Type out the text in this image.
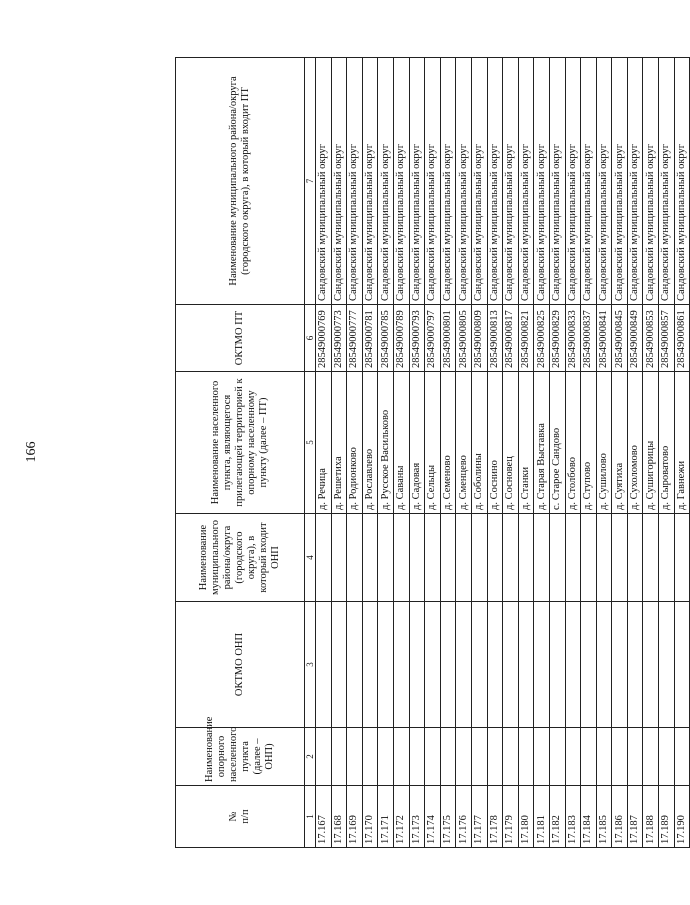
166
№
п/п	Наименование опорного населенного пункта (далее – ОНП)	ОКТМО ОНП	Наименование муниципального района/округа (городского округа), в который входит ОНП	Наименование населенного пункта, являющегося прилегающей территорией к опорному населенному пункту (далее – ПТ)	ОКТМО ПТ	Наименование муниципального района/округа (городского округа), в который входит ПТ
1	2	3	4	5	6	7
17.167				д. Речица	28549000769	Сандовский муниципальный округ
17.168				д. Решетиха	28549000773	Сандовский муниципальный округ
17.169				д. Родионково	28549000777	Сандовский муниципальный округ
17.170				д. Рославлево	28549000781	Сандовский муниципальный округ
17.171				д. Русское Васильково	28549000785	Сандовский муниципальный округ
17.172				д. Саваны	28549000789	Сандовский муниципальный округ
17.173				д. Садовая	28549000793	Сандовский муниципальный округ
17.174				д. Сельцы	28549000797	Сандовский муниципальный округ
17.175				д. Семеново	28549000801	Сандовский муниципальный округ
17.176				д. Сменцево	28549000805	Сандовский муниципальный округ
17.177				д. Соболины	28549000809	Сандовский муниципальный округ
17.178				д. Соснино	28549000813	Сандовский муниципальный округ
17.179				д. Сосновец	28549000817	Сандовский муниципальный округ
17.180				д. Станки	28549000821	Сандовский муниципальный округ
17.181				д. Старая Выставка	28549000825	Сандовский муниципальный округ
17.182				с. Старое Сандово	28549000829	Сандовский муниципальный округ
17.183				д. Столбово	28549000833	Сандовский муниципальный округ
17.184				д. Ступово	28549000837	Сандовский муниципальный округ
17.185				д. Сушилово	28549000841	Сандовский муниципальный округ
17.186				д. Суятиха	28549000845	Сандовский муниципальный округ
17.187				д. Сухоломово	28549000849	Сандовский муниципальный округ
17.188				д. Сушигорицы	28549000853	Сандовский муниципальный округ
17.189				д. Сыроватово	28549000857	Сандовский муниципальный округ
17.190				д. Гавнежи	28549000861	Сандовский муниципальный округ
